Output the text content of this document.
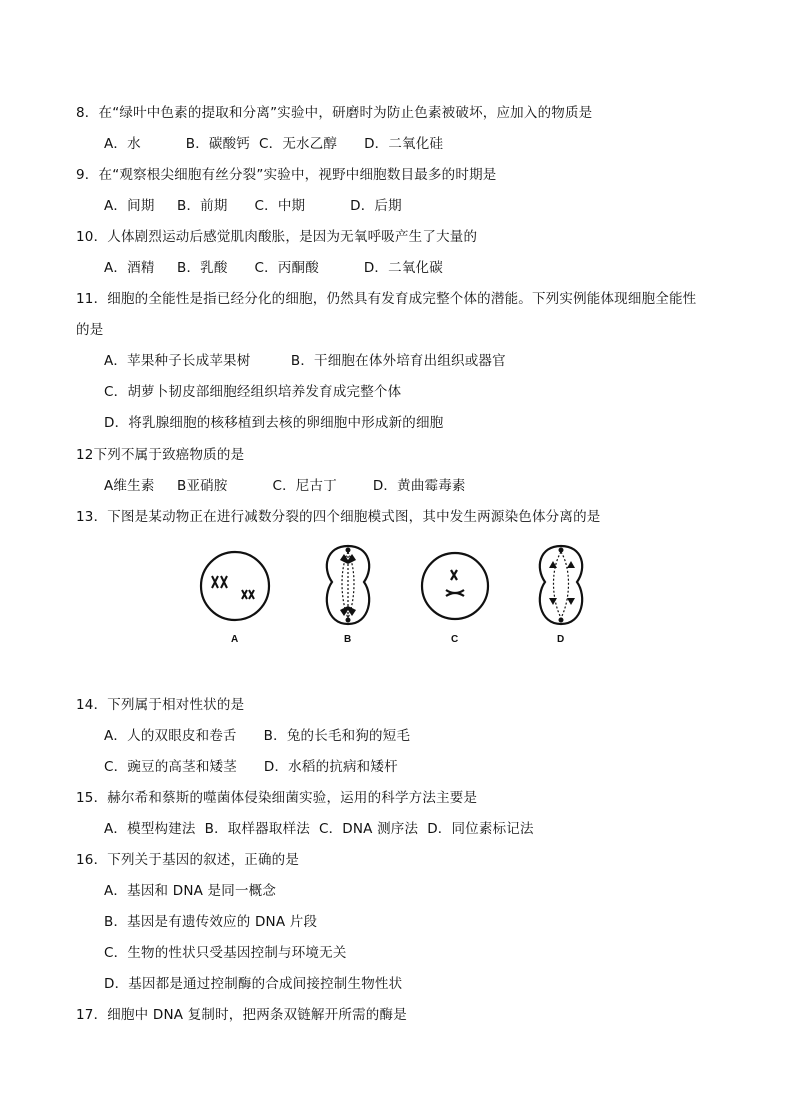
8．在“绿叶中色素的提取和分离”实验中，研磨时为防止色素被破坏，应加入的物质是
A．水          B．碳酸钙  C．无水乙醇      D．二氧化硅
9．在“观察根尖细胞有丝分裂”实验中，视野中细胞数目最多的时期是
A．间期     B．前期      C．中期          D．后期
10．人体剧烈运动后感觉肌肉酸胀，是因为无氧呼吸产生了大量的
A．酒精     B．乳酸      C．丙酮酸          D．二氧化碳
11．细胞的全能性是指已经分化的细胞，仍然具有发育成完整个体的潜能。下列实例能体现细胞全能性
的是
A．苹果种子长成苹果树         B．干细胞在体外培育出组织或器官
C．胡萝卜韧皮部细胞经组织培养发育成完整个体
D．将乳腺细胞的核移植到去核的卵细胞中形成新的细胞
12下列不属于致癌物质的是
A维生素     B亚硝胺          C．尼古丁        D．黄曲霉毒素
13．下图是某动物正在进行减数分裂的四个细胞模式图，其中发生两源染色体分离的是
A	B	C	D
14．下列属于相对性状的是
A．人的双眼皮和卷舌      B．兔的长毛和狗的短毛
C．豌豆的高茎和矮茎      D．水稻的抗病和矮杆
15．赫尔希和蔡斯的噬菌体侵染细菌实验，运用的科学方法主要是
A．模型构建法  B．取样器取样法  C．DNA 测序法  D．同位素标记法
16．下列关于基因的叙述，正确的是
A．基因和 DNA 是同一概念
B．基因是有遗传效应的 DNA 片段
C．生物的性状只受基因控制与环境无关
D．基因都是通过控制酶的合成间接控制生物性状
17．细胞中 DNA 复制时，把两条双链解开所需的酶是
